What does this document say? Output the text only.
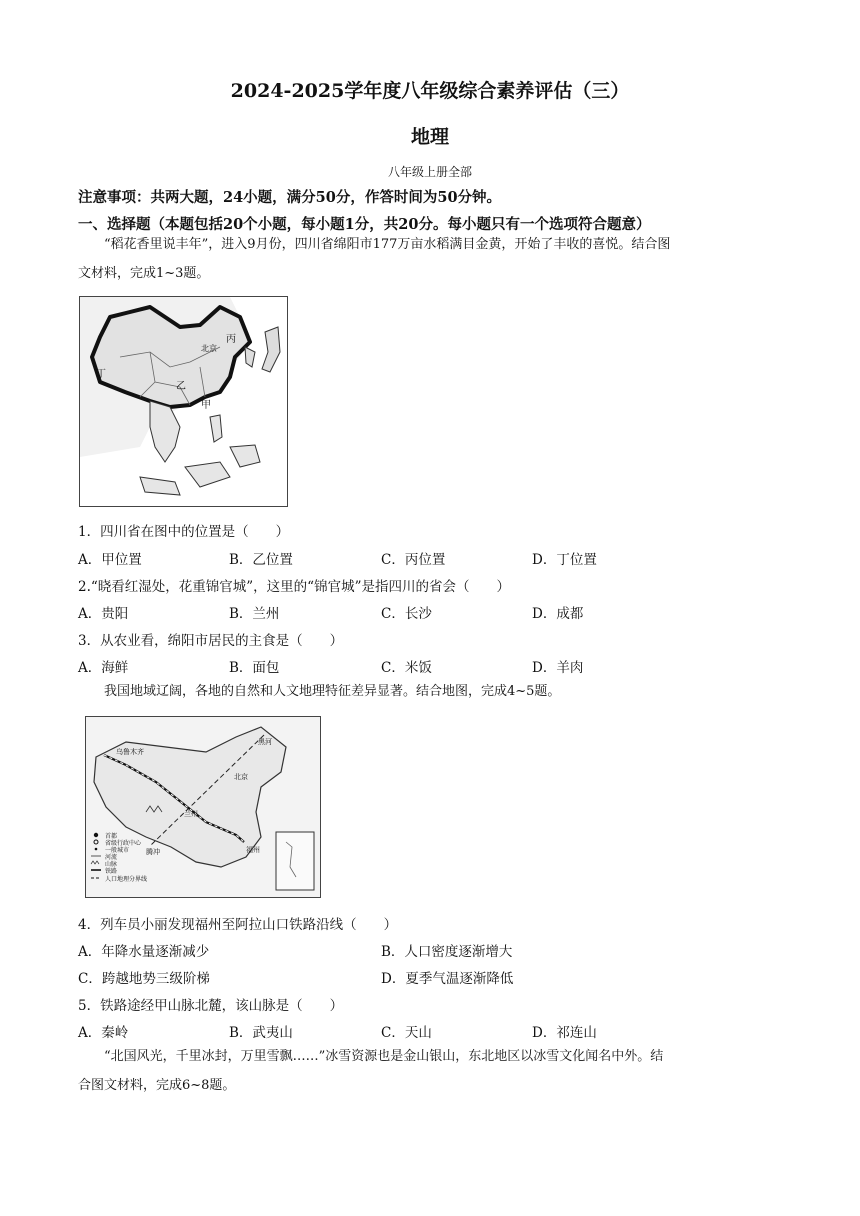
2024-2025学年度八年级综合素养评估（三）
地理
八年级上册全部
注意事项：共两大题，24小题，满分50分，作答时间为50分钟。
一、选择题（本题包括20个小题，每小题1分，共20分。每小题只有一个选项符合题意）
“稻花香里说丰年”，进入9月份，四川省绵阳市177万亩水稻满目金黄，开始了丰收的喜悦。结合图
文材料，完成1~3题。
丙
北京
丁
乙
甲
1．四川省在图中的位置是（　　）
A．甲位置	B．乙位置	C．丙位置	D．丁位置
2.“晓看红湿处，花重锦官城”，这里的“锦官城”是指四川的省会（　　）
A．贵阳	B．兰州	C．长沙	D．成都
3．从农业看，绵阳市居民的主食是（　　）
A．海鲜	B．面包	C．米饭	D．羊肉
我国地域辽阔，各地的自然和人文地理特征差异显著。结合地图，完成4~5题。
乌鲁木齐
北京
兰州
福州
黑河
腾冲
首都
省级行政中心
一般城市
河流
山脉
铁路
人口地理分界线
4．列车员小丽发现福州至阿拉山口铁路沿线（　　）
A．年降水量逐渐减少	B．人口密度逐渐增大
C．跨越地势三级阶梯	D．夏季气温逐渐降低
5．铁路途经甲山脉北麓，该山脉是（　　）
A．秦岭	B．武夷山	C．天山	D．祁连山
“北国风光，千里冰封，万里雪飘……”冰雪资源也是金山银山，东北地区以冰雪文化闻名中外。结
合图文材料，完成6~8题。
